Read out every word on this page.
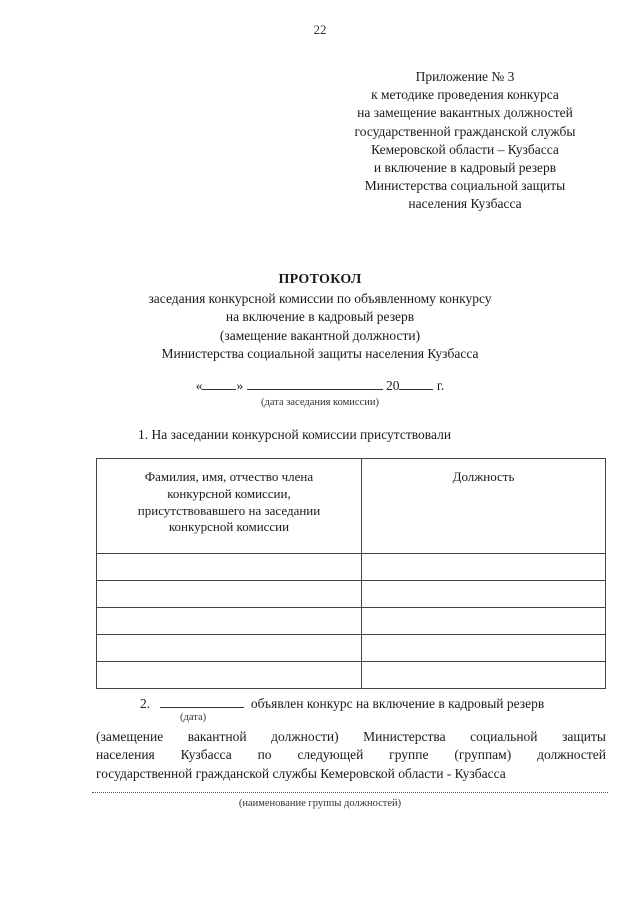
22
Приложение № 3
к методике проведения конкурса
на замещение вакантных должностей
государственной гражданской службы
Кемеровской области – Кузбасса
и включение в кадровый резерв
Министерства социальной защиты
населения Кузбасса
ПРОТОКОЛ
заседания конкурсной комиссии по объявленному конкурсу
на включение в кадровый резерв
(замещение вакантной должности)
Министерства социальной защиты населения Кузбасса
«	»	20	г.
(дата заседания комиссии)
1. На заседании конкурсной комиссии присутствовали
Фамилия, имя, отчество члена
конкурсной комиссии,
присутствовавшего на заседании
конкурсной комиссии	Должность

2.	объявлен конкурс на включение в кадровый резерв
(дата)
(замещение вакантной должности) Министерства социальной защиты
населения Кузбасса по следующей группе (группам) должностей
государственной гражданской службы Кемеровской области - Кузбасса
(наименование группы должностей)
